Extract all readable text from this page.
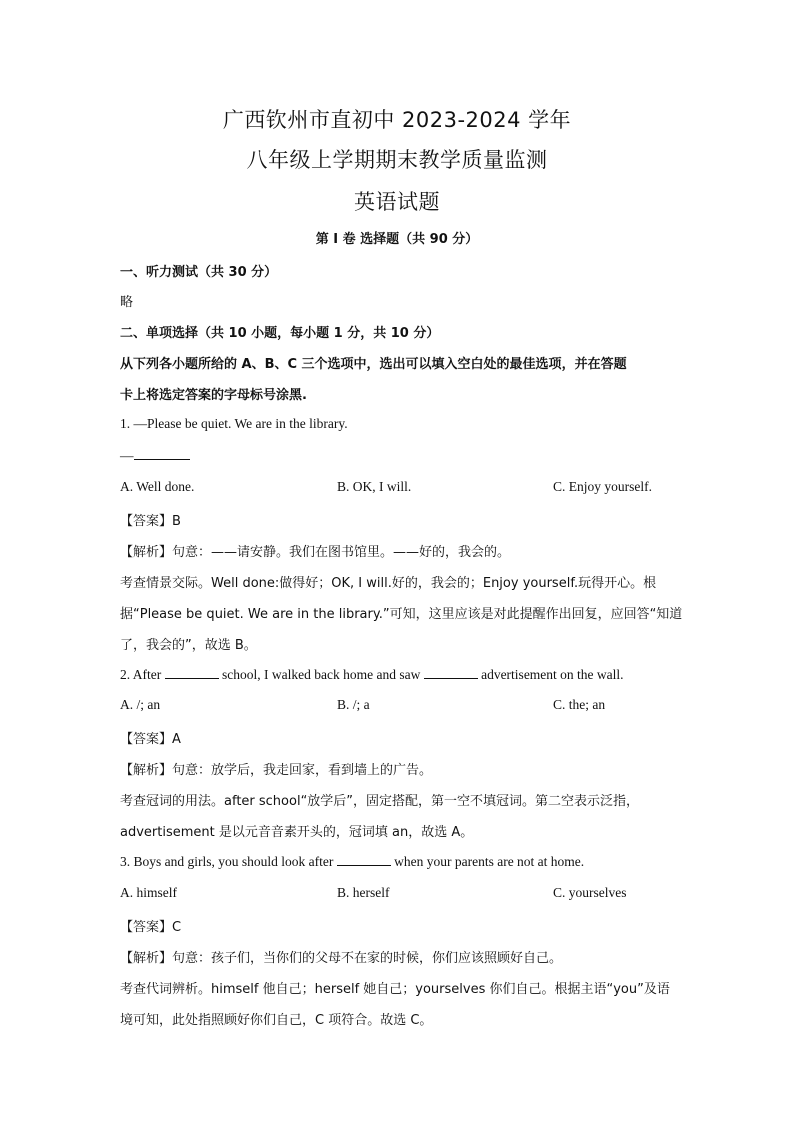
广西钦州市直初中 2023-2024 学年
八年级上学期期末教学质量监测
英语试题
第 I 卷 选择题（共 90 分）
一、听力测试（共 30 分）
略
二、单项选择（共 10 小题，每小题 1 分，共 10 分）
从下列各小题所给的 A、B、C 三个选项中，选出可以填入空白处的最佳选项，并在答题
卡上将选定答案的字母标号涂黑.
1. —Please be quiet. We are in the library.
—
A. Well done.	B. OK, I will.	C. Enjoy yourself.
【答案】B
【解析】句意：——请安静。我们在图书馆里。——好的，我会的。
考查情景交际。Well done:做得好；OK, I will.好的，我会的；Enjoy yourself.玩得开心。根
据“Please be quiet. We are in the library.”可知，这里应该是对此提醒作出回复，应回答“知道
了，我会的”，故选 B。
2. After	school, I walked back home and saw	advertisement on the wall.
A. /; an	B. /; a	C. the; an
【答案】A
【解析】句意：放学后，我走回家，看到墙上的广告。
考查冠词的用法。after school“放学后”，固定搭配，第一空不填冠词。第二空表示泛指，
advertisement 是以元音音素开头的，冠词填 an，故选 A。
3. Boys and girls, you should look after	when your parents are not at home.
A. himself	B. herself	C. yourselves
【答案】C
【解析】句意：孩子们，当你们的父母不在家的时候，你们应该照顾好自己。
考查代词辨析。himself 他自己；herself 她自己；yourselves 你们自己。根据主语“you”及语
境可知，此处指照顾好你们自己，C 项符合。故选 C。
